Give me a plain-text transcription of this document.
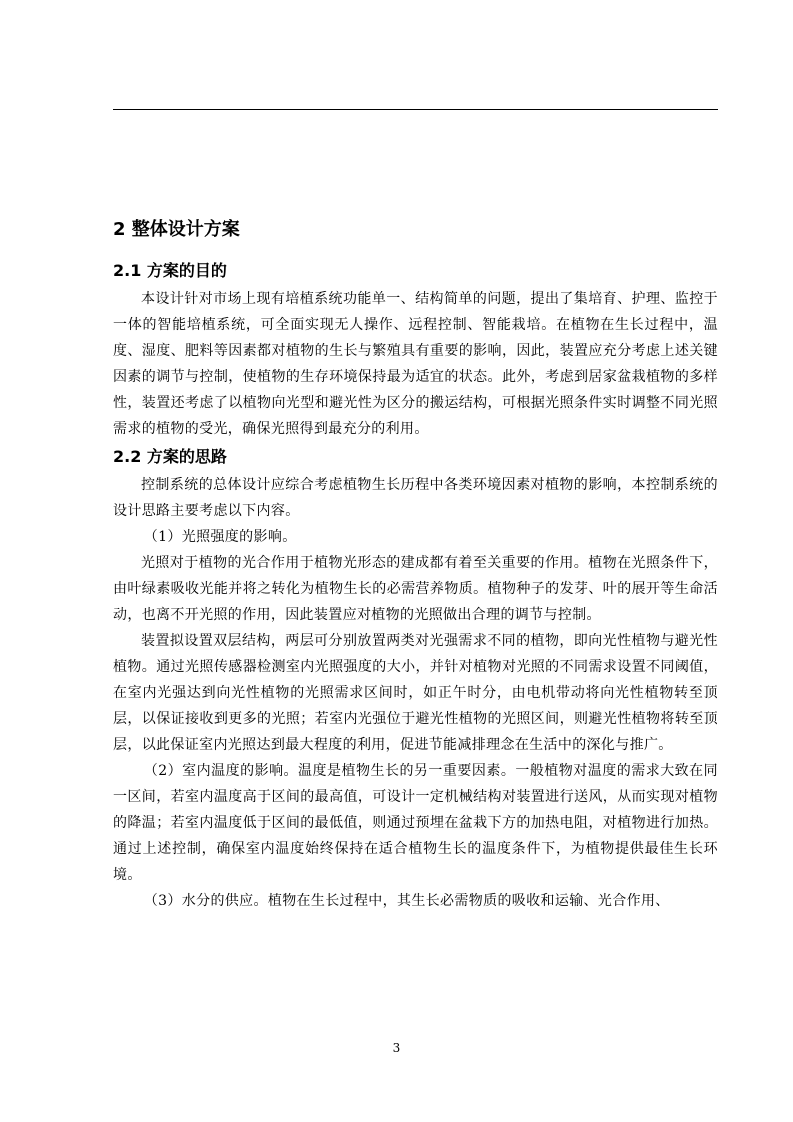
2 整体设计方案
2.1 方案的目的

本设计针对市场上现有培植系统功能单一、结构简单的问题，提出了集培育、护理、监控于一体的智能培植系统，可全面实现无人操作、远程控制、智能栽培。在植物在生长过程中，温度、湿度、肥料等因素都对植物的生长与繁殖具有重要的影响，因此，装置应充分考虑上述关键因素的调节与控制，使植物的生存环境保持最为适宜的状态。此外，考虑到居家盆栽植物的多样性，装置还考虑了以植物向光型和避光性为区分的搬运结构，可根据光照条件实时调整不同光照需求的植物的受光，确保光照得到最充分的利用。

2.2 方案的思路

控制系统的总体设计应综合考虑植物生长历程中各类环境因素对植物的影响，本控制系统的设计思路主要考虑以下内容。

（1）光照强度的影响。

光照对于植物的光合作用于植物光形态的建成都有着至关重要的作用。植物在光照条件下，由叶绿素吸收光能并将之转化为植物生长的必需营养物质。植物种子的发芽、叶的展开等生命活动，也离不开光照的作用，因此装置应对植物的光照做出合理的调节与控制。

装置拟设置双层结构，两层可分别放置两类对光强需求不同的植物，即向光性植物与避光性植物。通过光照传感器检测室内光照强度的大小，并针对植物对光照的不同需求设置不同阈值，在室内光强达到向光性植物的光照需求区间时，如正午时分，由电机带动将向光性植物转至顶层，以保证接收到更多的光照；若室内光强位于避光性植物的光照区间，则避光性植物将转至顶层，以此保证室内光照达到最大程度的利用，促进节能减排理念在生活中的深化与推广。

（2）室内温度的影响。温度是植物生长的另一重要因素。一般植物对温度的需求大致在同一区间，若室内温度高于区间的最高值，可设计一定机械结构对装置进行送风，从而实现对植物的降温；若室内温度低于区间的最低值，则通过预埋在盆栽下方的加热电阻，对植物进行加热。通过上述控制，确保室内温度始终保持在适合植物生长的温度条件下，为植物提供最佳生长环境。

（3）水分的供应。植物在生长过程中，其生长必需物质的吸收和运输、光合作用、

3
